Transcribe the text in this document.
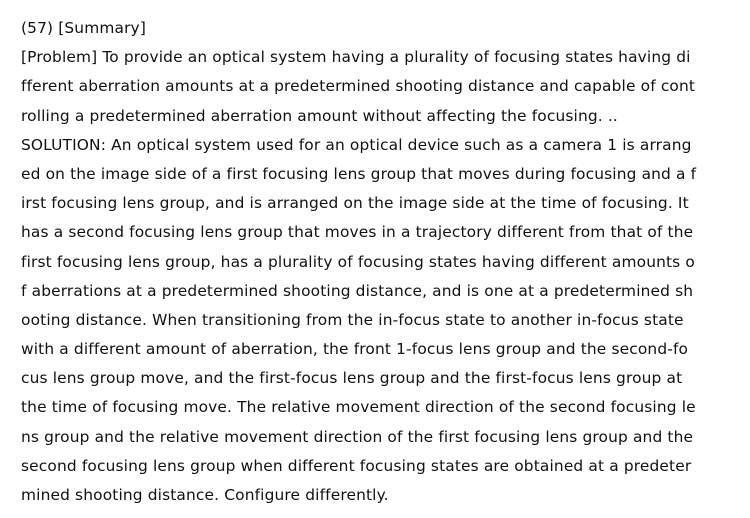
(57) [Summary]
[Problem] To provide an optical system having a plurality of focusing states having di
fferent aberration amounts at a predetermined shooting distance and capable of cont
rolling a predetermined aberration amount without affecting the focusing. ..
SOLUTION: An optical system used for an optical device such as a camera 1 is arrang
ed on the image side of a first focusing lens group that moves during focusing and a f
irst focusing lens group, and is arranged on the image side at the time of focusing. It
has a second focusing lens group that moves in a trajectory different from that of the
first focusing lens group, has a plurality of focusing states having different amounts o
f aberrations at a predetermined shooting distance, and is one at a predetermined sh
ooting distance. When transitioning from the in-focus state to another in-focus state
with a different amount of aberration, the front 1-focus lens group and the second-fo
cus lens group move, and the first-focus lens group and the first-focus lens group at
the time of focusing move. The relative movement direction of the second focusing le
ns group and the relative movement direction of the first focusing lens group and the
second focusing lens group when different focusing states are obtained at a predeter
mined shooting distance. Configure differently.
